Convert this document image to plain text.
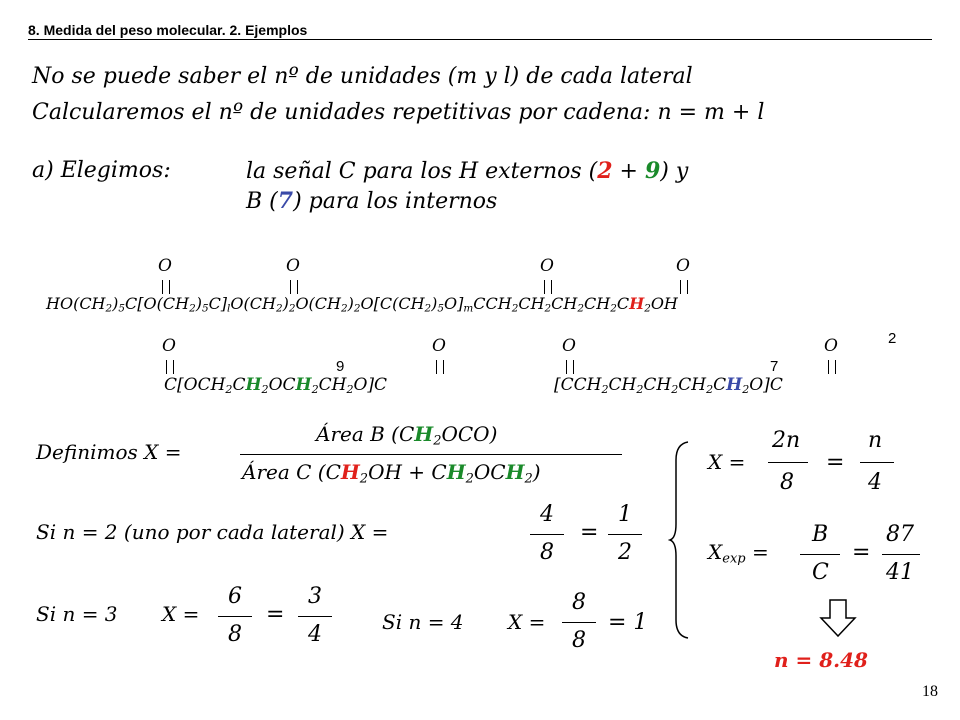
8. Medida del peso molecular. 2. Ejemplos
No se puede saber el nº de unidades (m y l) de cada lateral
Calcularemos el nº de unidades repetitivas por cadena: n = m + l
a) Elegimos:	la señal C para los H externos (2 + 9) y
B (7) para los internos
O	O	O	O
$HO(CH_2)_5C[O(CH_2)_5C]_lO(CH_2)_2O(CH_2)_2O[C(CH_2)_5O]_mCCH_2CH_2CH_2CH_2CH_2OH$
2
O	O
9
$C[OCH_2CH_2OCH_2CH_2O]C$
O	O
7
$[CCH_2CH_2CH_2CH_2CH_2O]C$
Definimos X =
Área B $(CH_2OCO)$
Área C $(CH_2OH + CH_2OCH_2)$
Si n = 2 (uno por cada lateral) X =
4
8
=
1
2
Si n = 3 X =
6
8
=
3
4	Si n = 4 X =
8
8
= 1
X =
2n
8
=
n
4
$X_{exp}$ =
B
C
=
87
41
n = 8.48
18
